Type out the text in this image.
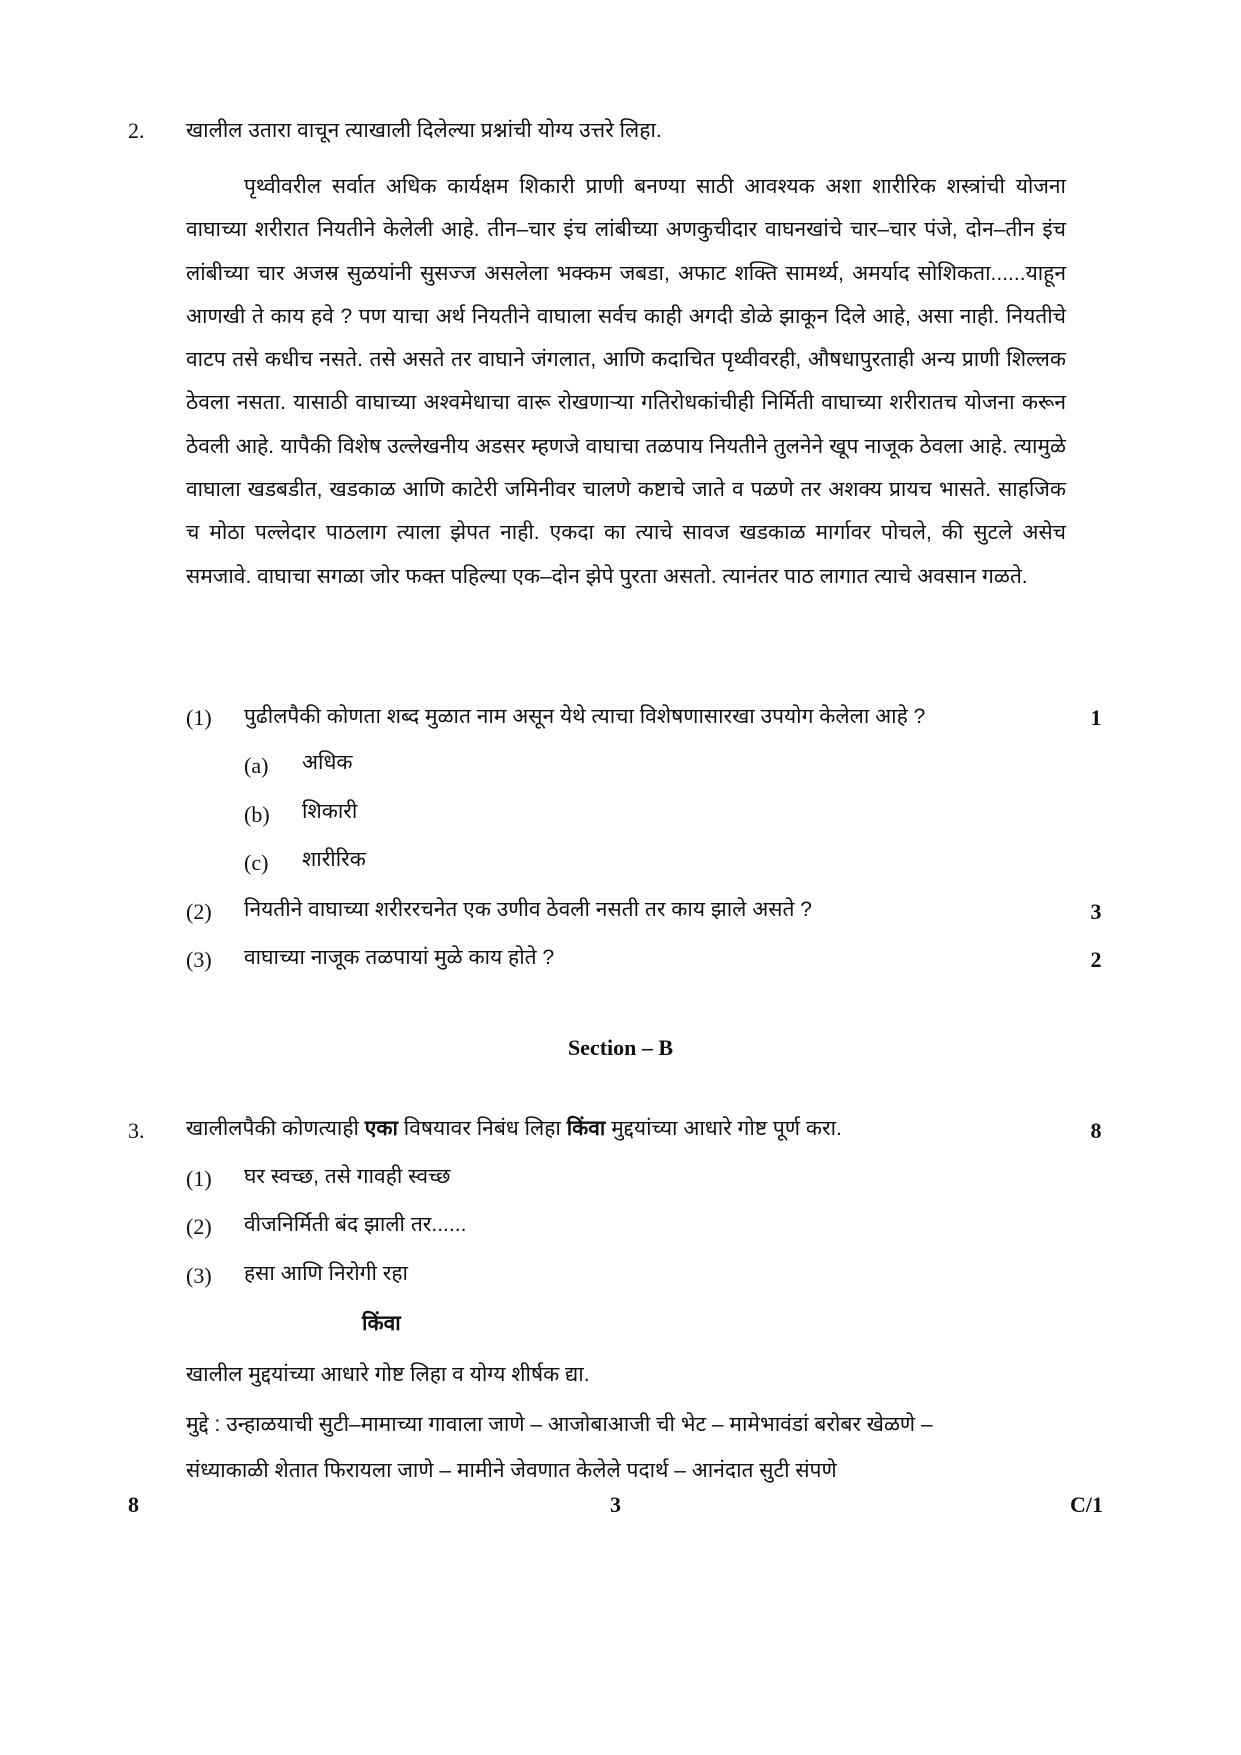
2. खालील उतारा वाचून त्याखाली दिलेल्या प्रश्नांची योग्य उत्तरे लिहा.
पृथ्वीवरील सर्वात अधिक कार्यक्षम शिकारी प्राणी बनण्या साठी आवश्यक अशा शारीरिक शस्त्रांची योजना वाघाच्या शरीरात नियतीने केलेली आहे. तीन–चार इंच लांबीच्या अणकुचीदार वाघनखांचे चार–चार पंजे, दोन–तीन इंच लांबीच्या चार अजस्र सुळयांनी सुसज्ज असलेला भक्कम जबडा, अफाट शक्ति सामर्थ्य, अमर्याद सोशिकता......याहून आणखी ते काय हवे ? पण याचा अर्थ नियतीने वाघाला सर्वच काही अगदी डोळे झाकून दिले आहे, असा नाही. नियतीचे वाटप तसे कधीच नसते. तसे असते तर वाघाने जंगलात, आणि कदाचित पृथ्वीवरही, औषधापुरताही अन्य प्राणी शिल्लक ठेवला नसता. यासाठी वाघाच्या अश्वमेधाचा वारू रोखणाऱ्या गतिरोधकांचीही निर्मिती वाघाच्या शरीरातच योजना करून ठेवली आहे. यापैकी विशेष उल्लेखनीय अडसर म्हणजे वाघाचा तळपाय नियतीने तुलनेने खूप नाजूक ठेवला आहे. त्यामुळे वाघाला खडबडीत, खडकाळ आणि काटेरी जमिनीवर चालणे कष्टाचे जाते व पळणे तर अशक्य प्रायच भासते. साहजिक च मोठा पल्लेदार पाठलाग त्याला झेपत नाही. एकदा का त्याचे सावज खडकाळ मार्गावर पोचले, की सुटले असेच समजावे. वाघाचा सगळा जोर फक्त पहिल्या एक–दोन झेपे पुरता असतो. त्यानंतर पाठ लागात त्याचे अवसान गळते.
(1) पुढीलपैकी कोणता शब्द मुळात नाम असून येथे त्याचा विशेषणासारखा उपयोग केलेला आहे ?	1
(a) अधिक
(b) शिकारी
(c) शारीरिक
(2) नियतीने वाघाच्या शरीररचनेत एक उणीव ठेवली नसती तर काय झाले असते ?	3
(3) वाघाच्या नाजूक तळपायां मुळे काय होते ?	2
Section – B
3. खालीलपैकी कोणत्याही एका विषयावर निबंध लिहा किंवा मुद्दयांच्या आधारे गोष्ट पूर्ण करा.	8
(1) घर स्वच्छ, तसे गावही स्वच्छ
(2) वीजनिर्मिती बंद झाली तर......
(3) हसा आणि निरोगी रहा
किंवा
खालील मुद्दयांच्या आधारे गोष्ट लिहा व योग्य शीर्षक द्या.
मुद्दे : उन्हाळयाची सुटी–मामाच्या गावाला जाणे – आजोबाआजी ची भेट – मामेभावंडां बरोबर खेळणे –
संध्याकाळी शेतात फिरायला जाणे – मामीने जेवणात केलेले पदार्थ – आनंदात सुटी संपणे
8	3	C/1
